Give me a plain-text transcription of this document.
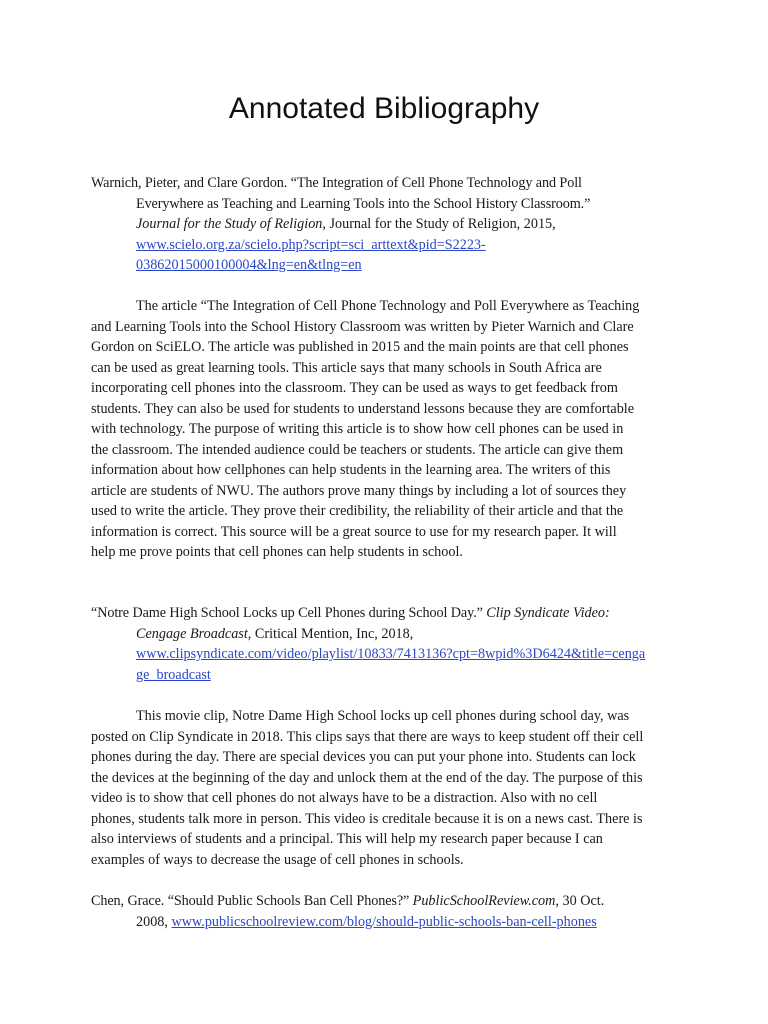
Annotated Bibliography
Warnich, Pieter, and Clare Gordon. “The Integration of Cell Phone Technology and Poll
Everywhere as Teaching and Learning Tools into the School History Classroom.”
Journal for the Study of Religion, Journal for the Study of Religion, 2015,
www.scielo.org.za/scielo.php?script=sci_arttext&pid=S2223-
03862015000100004&lng=en&tlng=en
The article “The Integration of Cell Phone Technology and Poll Everywhere as Teaching
and Learning Tools into the School History Classroom was written by Pieter Warnich and Clare
Gordon on SciELO. The article was published in 2015 and the main points are that cell phones
can be used as great learning tools. This article says that many schools in South Africa are
incorporating cell phones into the classroom. They can be used as ways to get feedback from
students. They can also be used for students to understand lessons because they are comfortable
with technology. The purpose of writing this article is to show how cell phones can be used in
the classroom. The intended audience could be teachers or students. The article can give them
information about how cellphones can help students in the learning area. The writers of this
article are students of NWU. The authors prove many things by including a lot of sources they
used to write the article. They prove their credibility, the reliability of their article and that the
information is correct. This source will be a great source to use for my research paper. It will
help me prove points that cell phones can help students in school.
“Notre Dame High School Locks up Cell Phones during School Day.” Clip Syndicate Video:
Cengage Broadcast, Critical Mention, Inc, 2018,
www.clipsyndicate.com/video/playlist/10833/7413136?cpt=8wpid%3D6424&title=cenga
ge_broadcast
This movie clip, Notre Dame High School locks up cell phones during school day, was
posted on Clip Syndicate in 2018. This clips says that there are ways to keep student off their cell
phones during the day. There are special devices you can put your phone into. Students can lock
the devices at the beginning of the day and unlock them at the end of the day. The purpose of this
video is to show that cell phones do not always have to be a distraction. Also with no cell
phones, students talk more in person. This video is creditale because it is on a news cast. There is
also interviews of students and a principal. This will help my research paper because I can
examples of ways to decrease the usage of cell phones in schools.
Chen, Grace. “Should Public Schools Ban Cell Phones?” PublicSchoolReview.com, 30 Oct.
2008, www.publicschoolreview.com/blog/should-public-schools-ban-cell-phones
